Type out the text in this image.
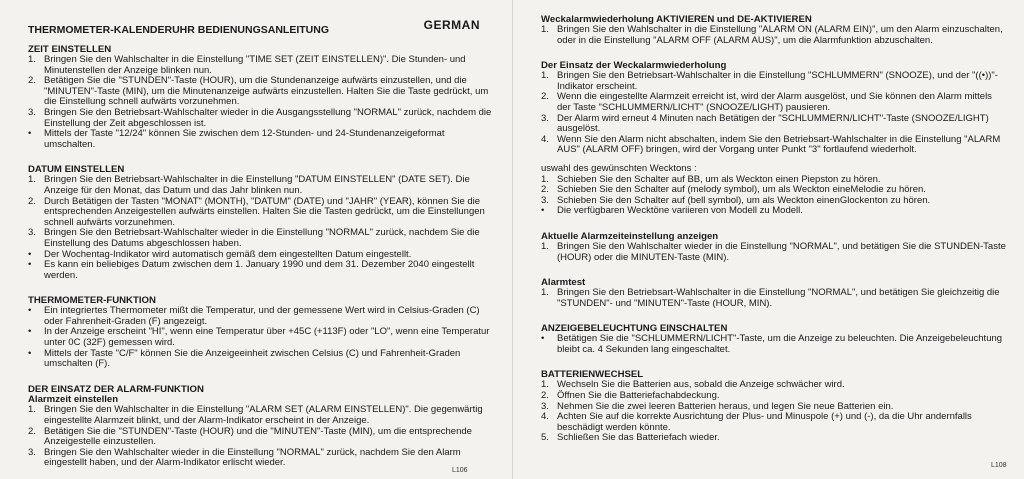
THERMOMETER-KALENDERUHR BEDIENUNGSANLEITUNG	GERMAN
ZEIT EINSTELLEN
1. Bringen Sie den Wahlschalter in die Einstellung "TIME SET (ZEIT EINSTELLEN)". Die Stunden- und Minutenstellen der Anzeige blinken nun.
2. Betätigen Sie die "STUNDEN"-Taste (HOUR), um die Stundenanzeige aufwärts einzustellen, und die "MINUTEN"-Taste (MIN), um die Minutenanzeige aufwärts einzustellen. Halten Sie die Taste gedrückt, um die Einstellung schnell aufwärts vorzunehmen.
3. Bringen Sie den Betriebsart-Wahlschalter wieder in die Ausgangsstellung "NORMAL" zurück, nachdem die Einstellung der Zeit abgeschlossen ist.
• Mittels der Taste "12/24" können Sie zwischen dem 12-Stunden- und 24-Stundenanzeigeformat umschalten.
DATUM EINSTELLEN
1. Bringen Sie den Betriebsart-Wahlschalter in die Einstellung "DATUM EINSTELLEN" (DATE SET). Die Anzeige für den Monat, das Datum und das Jahr blinken nun.
2. Durch Betätigen der Tasten "MONAT" (MONTH), "DATUM" (DATE) und "JAHR" (YEAR), können Sie die entsprechenden Anzeigestellen aufwärts einstellen. Halten Sie die Tasten gedrückt, um die Einstellungen schnell aufwärts vorzunehmen.
3. Bringen Sie den Betriebsart-Wahlschalter wieder in die Einstellung "NORMAL" zurück, nachdem Sie die Einstellung des Datums abgeschlossen haben.
• Der Wochentag-Indikator wird automatisch gemäß dem eingestellten Datum eingestellt.
• Es kann ein beliebiges Datum zwischen dem 1. January 1990 und dem 31. Dezember 2040 eingestellt werden.
THERMOMETER-FUNKTION
• Ein integriertes Thermometer mißt die Temperatur, und der gemessene Wert wird in Celsius-Graden (C) oder Fahrenheit-Graden (F) angezeigt.
• In der Anzeige erscheint "HI", wenn eine Temperatur über +45C (+113F) oder "LO", wenn eine Temperatur unter 0C (32F) gemessen wird.
• Mittels der Taste "C/F" können Sie die Anzeigeeinheit zwischen Celsius (C) und Fahrenheit-Graden umschalten (F).
DER EINSATZ DER ALARM-FUNKTION
Alarmzeit einstellen
1. Bringen Sie den Wahlschalter in die Einstellung "ALARM SET (ALARM EINSTELLEN)". Die gegenwärtig eingestellte Alarmzeit blinkt, und der Alarm-Indikator erscheint in der Anzeige.
2. Betätigen Sie die "STUNDEN"-Taste (HOUR) und die "MINUTEN"-Taste (MIN), um die entsprechende Anzeigestelle einzustellen.
3. Bringen Sie den Wahlschalter wieder in die Einstellung "NORMAL" zurück, nachdem Sie den Alarm eingestellt haben, und der Alarm-Indikator erlischt wieder.
L106
Weckalarmwiederholung AKTIVIEREN und DE-AKTIVIEREN
1. Bringen Sie den Wahlschalter in die Einstellung "ALARM ON (ALARM EIN)", um den Alarm einzuschalten, oder in die Einstellung "ALARM OFF (ALARM AUS)", um die Alarmfunktion abzuschalten.
Der Einsatz der Weckalarmwiederholung
1. Bringen Sie den Betriebsart-Wahlschalter in die Einstellung "SCHLUMMERN" (SNOOZE), und der "((•))"-Indikator erscheint.
2. Wenn die eingestellte Alarmzeit erreicht ist, wird der Alarm ausgelöst, und Sie können den Alarm mittels der Taste "SCHLUMMERN/LICHT" (SNOOZE/LIGHT) pausieren.
3. Der Alarm wird erneut 4 Minuten nach Betätigen der "SCHLUMMERN/LICHT"-Taste (SNOOZE/LIGHT) ausgelöst.
4. Wenn Sie den Alarm nicht abschalten, indem Sie den Betriebsart-Wahlschalter in die Einstellung "ALARM AUS" (ALARM OFF) bringen, wird der Vorgang unter Punkt "3" fortlaufend wiederholt.

uswahl des gewünschten Wecktons :

1. Schieben Sie den Schalter auf BB, um als Weckton einen Piepston zu hören.
2. Schieben Sie den Schalter auf (melody symbol), um als Weckton eineMelodie zu hören.
3. Schieben Sie den Schalter auf (bell symbol), um als Weckton einenGlockenton zu hören.
• Die verfügbaren Wecktöne variieren von Modell zu Modell.
Aktuelle Alarmzeiteinstellung anzeigen
1. Bringen Sie den Wahlschalter wieder in die Einstellung "NORMAL", und betätigen Sie die STUNDEN-Taste (HOUR) oder die MINUTEN-Taste (MIN).
Alarmtest
1. Bringen Sie den Betriebsart-Wahlschalter in die Einstellung "NORMAL", und betätigen Sie gleichzeitig die "STUNDEN"- und "MINUTEN"-Taste (HOUR, MIN).
ANZEIGEBELEUCHTUNG EINSCHALTEN
• Betätigen Sie die "SCHLUMMERN/LICHT"-Taste, um die Anzeige zu beleuchten. Die Anzeigebeleuchtung bleibt ca. 4 Sekunden lang eingeschaltet.
BATTERIENWECHSEL
1. Wechseln Sie die Batterien aus, sobald die Anzeige schwächer wird.
2. Öffnen Sie die Batteriefachabdeckung.
3. Nehmen Sie die zwei leeren Batterien heraus, und legen Sie neue Batterien ein.
4. Achten Sie auf die korrekte Ausrichtung der Plus- und Minuspole (+) und (-), da die Uhr andernfalls beschädigt werden könnte.
5. Schließen Sie das Batteriefach wieder.
L108
